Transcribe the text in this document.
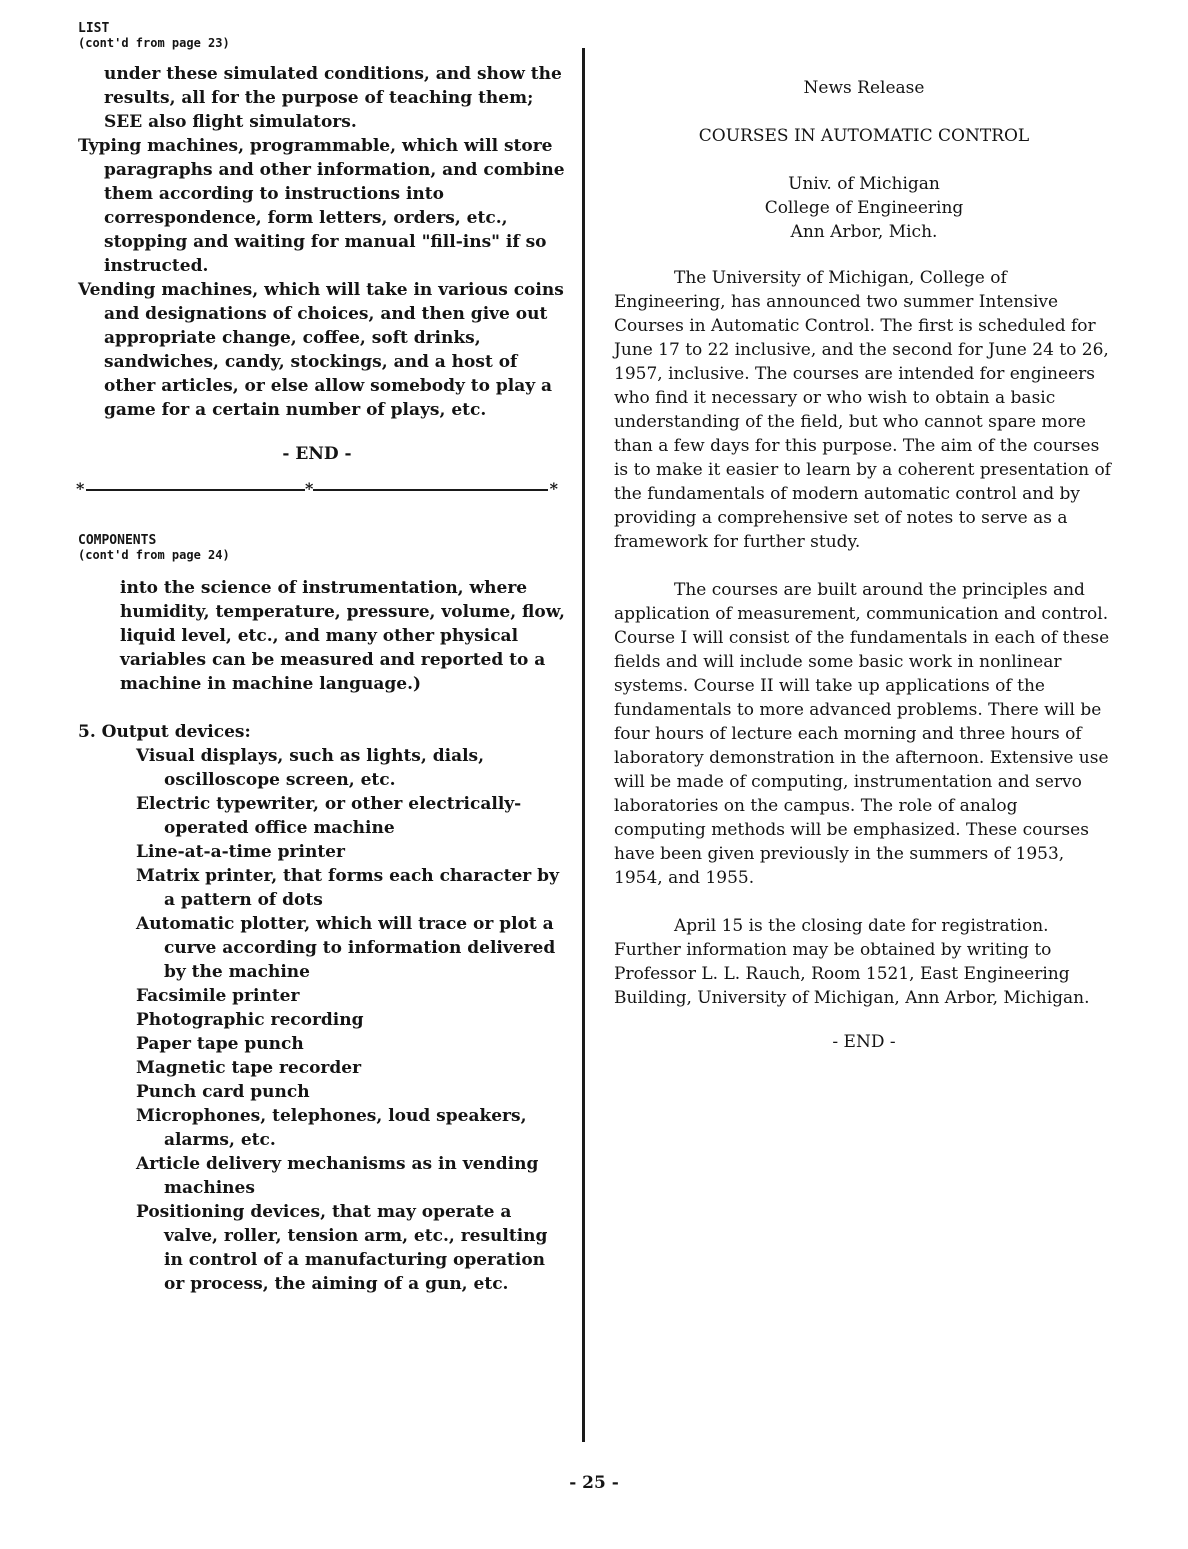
LIST
(cont'd from page 23)

under these simulated conditions, and show the results, all for the purpose of teaching them; SEE also flight simulators.

Typing machines, programmable, which will store paragraphs and other information, and combine them according to instructions into correspondence, form letters, orders, etc., stopping and waiting for manual "fill-ins" if so instructed.

Vending machines, which will take in various coins and designations of choices, and then give out appropriate change, coffee, soft drinks, sandwiches, candy, stockings, and a host of other articles, or else allow somebody to play a game for a certain number of plays, etc.

- END -
*	*	*
COMPONENTS
(cont'd from page 24)
into the science of instrumentation, where humidity, temperature, pressure, volume, flow, liquid level, etc., and many other physical variables can be measured and reported to a machine in machine language.)

5. Output devices:

Visual displays, such as lights, dials, oscilloscope screen, etc.

Electric typewriter, or other electrically-operated office machine

Line-at-a-time printer

Matrix printer, that forms each character by a pattern of dots

Automatic plotter, which will trace or plot a curve according to information delivered by the machine

Facsimile printer

Photographic recording

Paper tape punch

Magnetic tape recorder

Punch card punch

Microphones, telephones, loud speakers, alarms, etc.

Article delivery mechanisms as in vending machines

Positioning devices, that may operate a valve, roller, tension arm, etc., resulting in control of a manufacturing operation or process, the aiming of a gun, etc.

News Release
COURSES IN AUTOMATIC CONTROL
Univ. of Michigan
College of Engineering
Ann Arbor, Mich.

The University of Michigan, College of Engineering, has announced two summer Intensive Courses in Automatic Control. The first is scheduled for June 17 to 22 inclusive, and the second for June 24 to 26, 1957, inclusive. The courses are intended for engineers who find it necessary or who wish to obtain a basic understanding of the field, but who cannot spare more than a few days for this purpose. The aim of the courses is to make it easier to learn by a coherent presentation of the fundamentals of modern automatic control and by providing a comprehensive set of notes to serve as a framework for further study.

The courses are built around the principles and application of measurement, communication and control. Course I will consist of the fundamentals in each of these fields and will include some basic work in nonlinear systems. Course II will take up applications of the fundamentals to more advanced problems. There will be four hours of lecture each morning and three hours of laboratory demonstration in the afternoon. Extensive use will be made of computing, instrumentation and servo laboratories on the campus. The role of analog computing methods will be emphasized. These courses have been given previously in the summers of 1953, 1954, and 1955.

April 15 is the closing date for registration. Further information may be obtained by writing to Professor L. L. Rauch, Room 1521, East Engineering Building, University of Michigan, Ann Arbor, Michigan.

- END -
- 25 -
